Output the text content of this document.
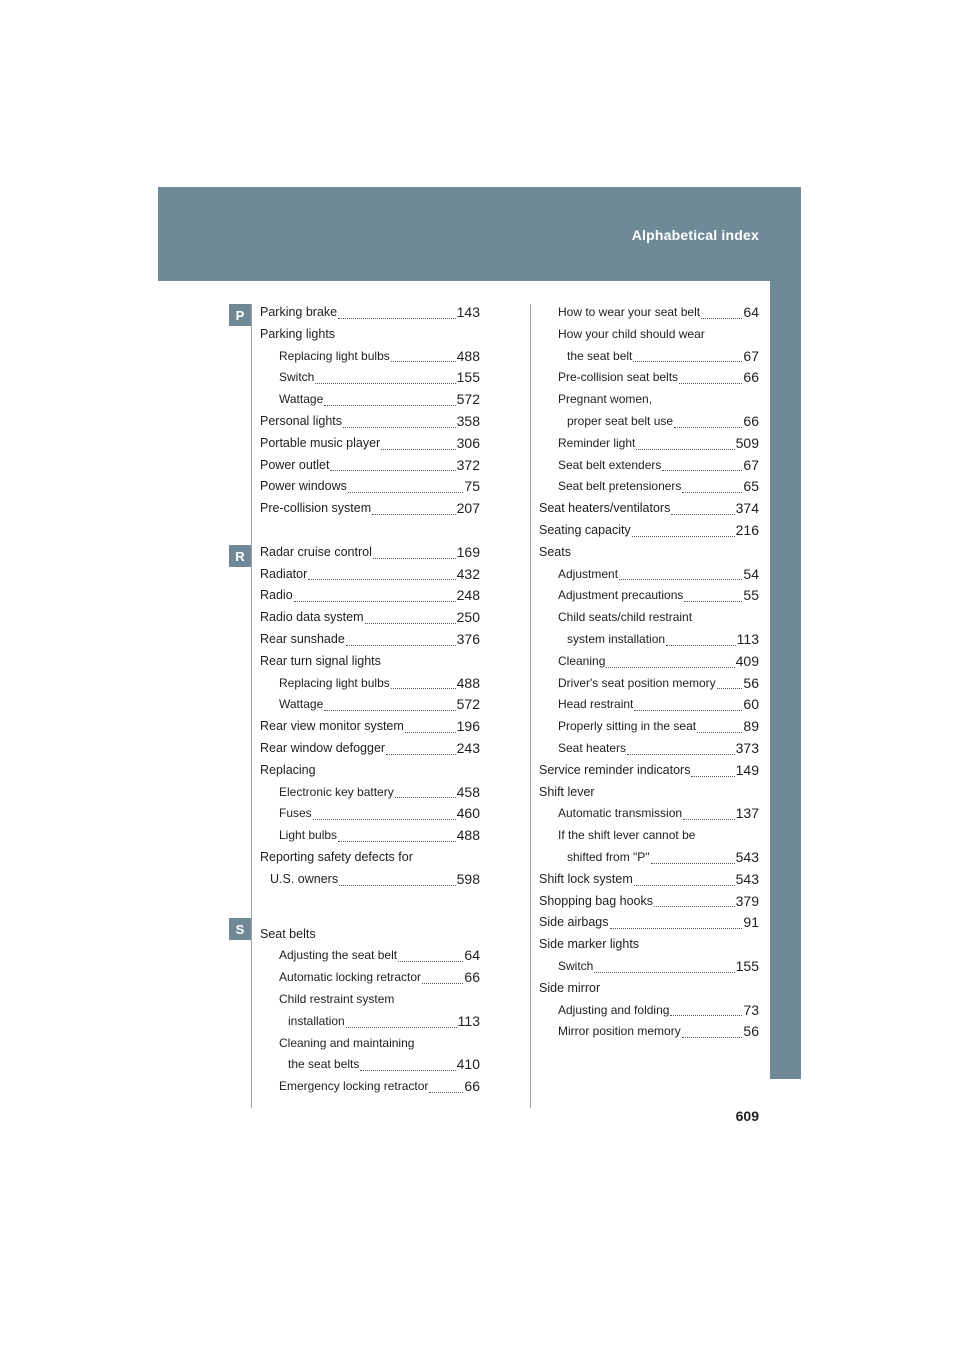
Alphabetical index
P
R
S
Parking brake	143
Parking lights
Replacing light bulbs	488
Switch	155
Wattage	572
Personal lights	358
Portable music player	306
Power outlet	372
Power windows	75
Pre-collision system	207
Radar cruise control	169
Radiator	432
Radio	248
Radio data system	250
Rear sunshade	376
Rear turn signal lights
Replacing light bulbs	488
Wattage	572
Rear view monitor system	196
Rear window defogger	243
Replacing
Electronic key battery	458
Fuses	460
Light bulbs	488
Reporting safety defects for
U.S. owners	598
Seat belts
Adjusting the seat belt	64
Automatic locking retractor	66
Child restraint system
installation	113
Cleaning and maintaining
the seat belts	410
Emergency locking retractor	66
How to wear your seat belt	64
How your child should wear
the seat belt	67
Pre-collision seat belts	66
Pregnant women,
proper seat belt use	66
Reminder light	509
Seat belt extenders	67
Seat belt pretensioners	65
Seat heaters/ventilators	374
Seating capacity	216
Seats
Adjustment	54
Adjustment precautions	55
Child seats/child restraint
system installation	113
Cleaning	409
Driver's seat position memory 56
Head restraint	60
Properly sitting in the seat	89
Seat heaters	373
Service reminder indicators	149
Shift lever
Automatic transmission	137
If the shift lever cannot be
shifted from "P"	543
Shift lock system	543
Shopping bag hooks	379
Side airbags	91
Side marker lights
Switch	155
Side mirror
Adjusting and folding	73
Mirror position memory	56
609
